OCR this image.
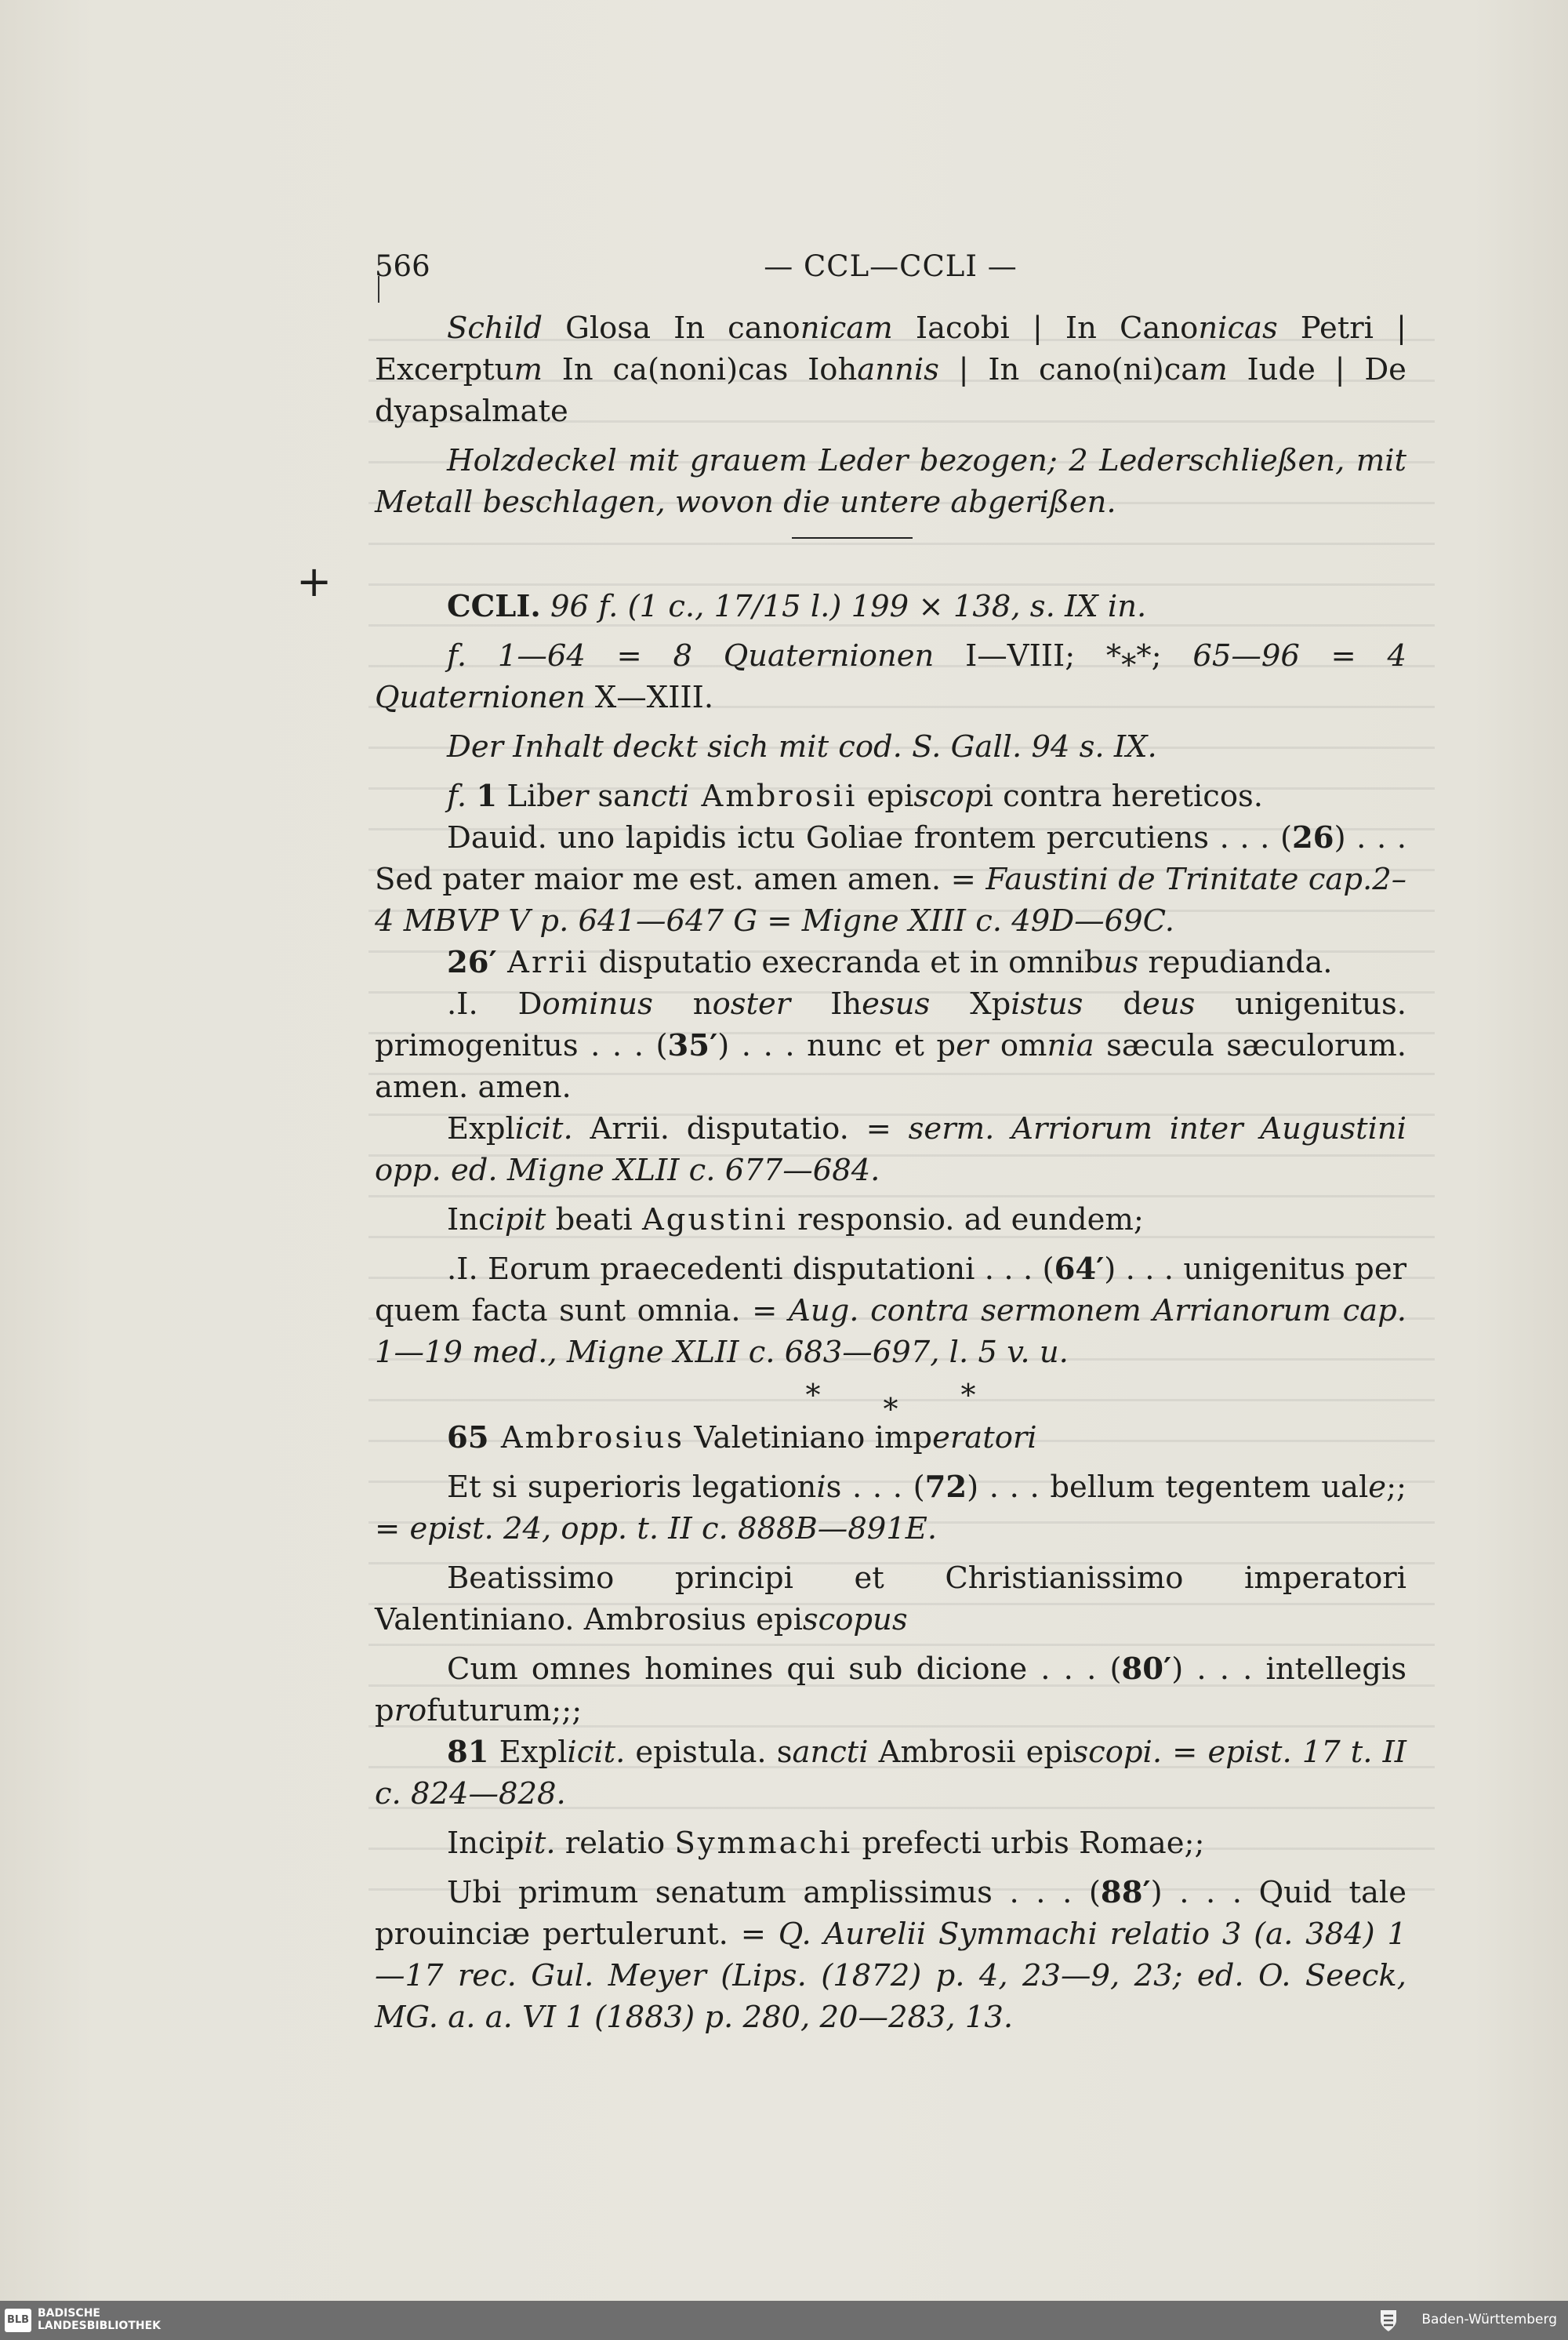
566	— CCL—CCLI —
+

Schild Glosa In canonicam Iacobi | In Canonicas Petri | Excerptum In ca(noni)cas Iohannis | In cano(ni)cam Iude | De dyapsalmate

Holzdeckel mit grauem Leder bezogen; 2 Lederschließen, mit Metall beschlagen, wovon die untere abgerißen.

CCLI. 96 f. (1 c., 17/15 l.) 199 ⨯ 138, s. IX in.

f. 1—64 = 8 Quaternionen I—VIII; *⁎*; 65—96 = 4 Quaternionen X—XIII.

Der Inhalt deckt sich mit cod. S. Gall. 94 s. IX.

f. 1 Liber sancti Ambrosii episcopi contra hereticos.

Dauid. uno lapidis ictu Goliae frontem percutiens . . . (26) . . . Sed pater maior me est. amen amen. = Faustini de Trinitate cap.2–4 MBVP V p. 641—647 G = Migne XIII c. 49D—69C.

26′ Arrii disputatio execranda et in omnibus repudianda.

.I. Dominus noster Ihesus Xpistus deus unigenitus. primogenitus . . . (35′) . . . nunc et per omnia sæcula sæculorum. amen. amen.

Explicit. Arrii. disputatio. = serm. Arriorum inter Augustini opp. ed. Migne XLII c. 677—684.

Incipit beati Agustini responsio. ad eundem;

.I. Eorum praecedenti disputationi . . . (64′) . . . unigenitus per quem facta sunt omnia. = Aug. contra sermonem Arrianorum cap. 1—19 med., Migne XLII c. 683—697, l. 5 v. u.

* * *

65 Ambrosius Valetiniano imperatori

Et si superioris legationis . . . (72) . . . bellum tegentem uale;; = epist. 24, opp. t. II c. 888B—891E.

Beatissimo principi et Christianissimo imperatori Valentiniano. Ambrosius episcopus

Cum omnes homines qui sub dicione . . . (80′) . . . intellegis profuturum;;;

81 Explicit. epistula. sancti Ambrosii episcopi. = epist. 17 t. II c. 824—828.

Incipit. relatio Symmachi prefecti urbis Romae;;

Ubi primum senatum amplissimus . . . (88′) . . . Quid tale prouinciæ pertulerunt. = Q. Aurelii Symmachi relatio 3 (a. 384) 1—17 rec. Gul. Meyer (Lips. (1872) p. 4, 23—9, 23; ed. O. Seeck, MG. a. a. VI 1 (1883) p. 280, 20—283, 13.

BLB
BADISCHE
LANDESBIBLIOTHEK	Baden-Württemberg
